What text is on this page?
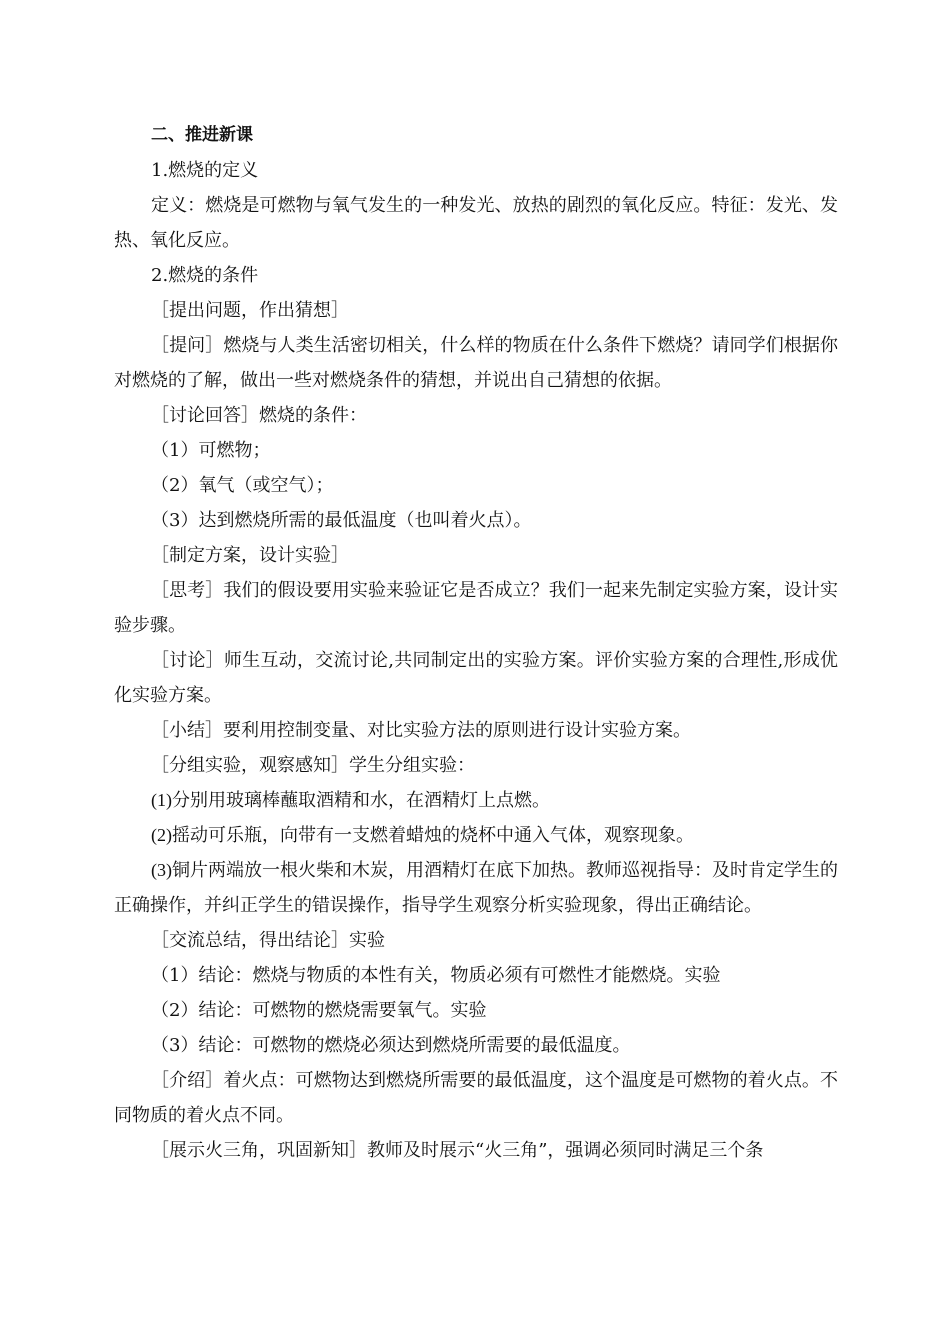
二、推进新课

1.燃烧的定义

定义：燃烧是可燃物与氧气发生的一种发光、放热的剧烈的氧化反应。特征：发光、发热、氧化反应。

2.燃烧的条件

［提出问题，作出猜想］

［提问］燃烧与人类生活密切相关，什么样的物质在什么条件下燃烧？请同学们根据你对燃烧的了解，做出一些对燃烧条件的猜想，并说出自己猜想的依据。

［讨论回答］燃烧的条件：

（1）可燃物；

（2）氧气（或空气）；

（3）达到燃烧所需的最低温度（也叫着火点）。

［制定方案，设计实验］

［思考］我们的假设要用实验来验证它是否成立？我们一起来先制定实验方案，设计实验步骤。

［讨论］师生互动，交流讨论,共同制定出的实验方案。评价实验方案的合理性,形成优化实验方案。

［小结］要利用控制变量、对比实验方法的原则进行设计实验方案。

［分组实验，观察感知］学生分组实验：

(1)分别用玻璃棒蘸取酒精和水，在酒精灯上点燃。

(2)摇动可乐瓶，向带有一支燃着蜡烛的烧杯中通入气体，观察现象。

(3)铜片两端放一根火柴和木炭，用酒精灯在底下加热。教师巡视指导：及时肯定学生的正确操作，并纠正学生的错误操作，指导学生观察分析实验现象，得出正确结论。

［交流总结，得出结论］实验

（1）结论：燃烧与物质的本性有关，物质必须有可燃性才能燃烧。实验

（2）结论：可燃物的燃烧需要氧气。实验

（3）结论：可燃物的燃烧必须达到燃烧所需要的最低温度。

［介绍］着火点：可燃物达到燃烧所需要的最低温度，这个温度是可燃物的着火点。不同物质的着火点不同。

［展示火三角，巩固新知］教师及时展示“火三角”，强调必须同时满足三个条
